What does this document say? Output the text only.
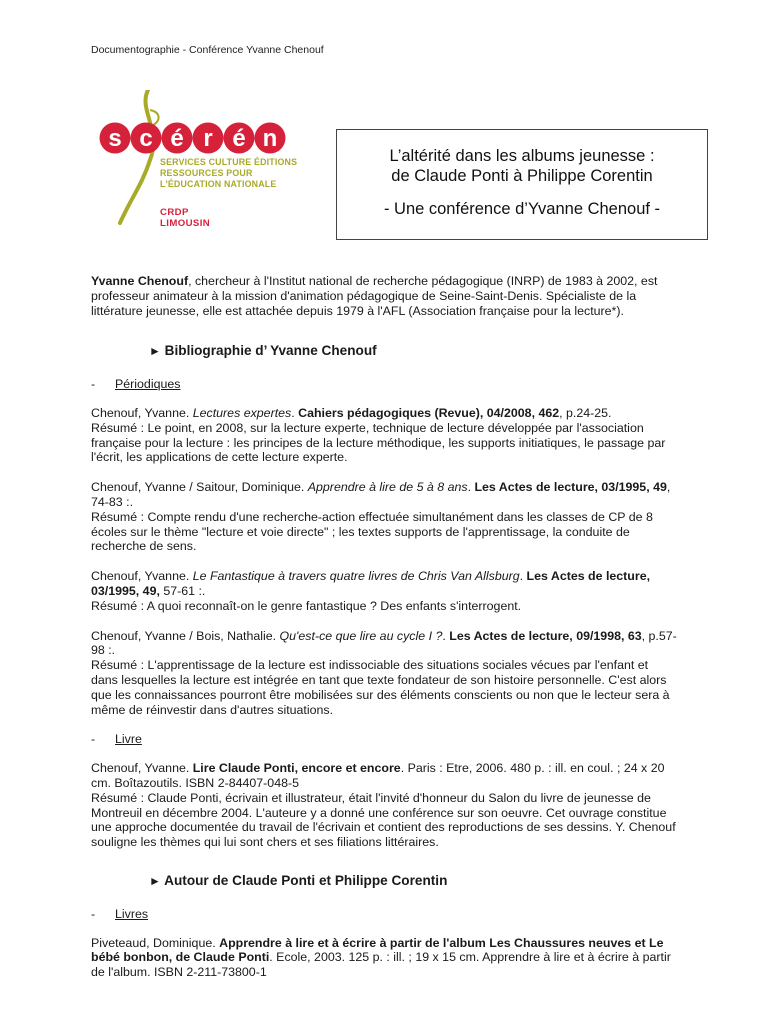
Documentographie - Conférence Yvanne Chenouf
s c é r é n
SERVICES CULTURE ÉDITIONS
RESSOURCES POUR
L'ÉDUCATION NATIONALE
CRDP
LIMOUSIN
L’altérité dans les albums jeunesse :
de Claude Ponti à Philippe Corentin
- Une conférence d’Yvanne Chenouf -

Yvanne Chenouf, chercheur à l'Institut national de recherche pédagogique (INRP) de 1983 à 2002, est professeur animateur à la mission d'animation pédagogique de Seine-Saint-Denis. Spécialiste de la littérature jeunesse, elle est attachée depuis 1979 à l'AFL (Association française pour la lecture*).

► Bibliographie d’ Yvanne Chenouf
- Périodiques

Chenouf, Yvanne. Lectures expertes. Cahiers pédagogiques (Revue), 04/2008, 462, p.24-25.

Résumé : Le point, en 2008, sur la lecture experte, technique de lecture développée par l'association française pour la lecture : les principes de la lecture méthodique, les supports initiatiques, le passage par l'écrit, les applications de cette lecture experte.

Chenouf, Yvanne / Saitour, Dominique. Apprendre à lire de 5 à 8 ans. Les Actes de lecture, 03/1995, 49, 74-83 :.

Résumé : Compte rendu d'une recherche-action effectuée simultanément dans les classes de CP de 8 écoles sur le thème "lecture et voie directe" ; les textes supports de l'apprentissage, la conduite de recherche de sens.

Chenouf, Yvanne. Le Fantastique à travers quatre livres de Chris Van Allsburg. Les Actes de lecture, 03/1995, 49, 57-61 :.

Résumé : A quoi reconnaît-on le genre fantastique ? Des enfants s'interrogent.

Chenouf, Yvanne / Bois, Nathalie. Qu'est-ce que lire au cycle I ?. Les Actes de lecture, 09/1998, 63, p.57-98 :.

Résumé : L'apprentissage de la lecture est indissociable des situations sociales vécues par l'enfant et dans lesquelles la lecture est intégrée en tant que texte fondateur de son histoire personnelle. C'est alors que les connaissances pourront être mobilisées sur des éléments conscients ou non que le lecteur sera à même de réinvestir dans d'autres situations.

- Livre

Chenouf, Yvanne. Lire Claude Ponti, encore et encore. Paris : Etre, 2006. 480 p. : ill. en coul. ; 24 x 20 cm. Boîtazoutils. ISBN 2-84407-048-5

Résumé : Claude Ponti, écrivain et illustrateur, était l'invité d'honneur du Salon du livre de jeunesse de Montreuil en décembre 2004. L'auteure y a donné une conférence sur son oeuvre. Cet ouvrage constitue une approche documentée du travail de l'écrivain et contient des reproductions de ses dessins. Y. Chenouf souligne les thèmes qui lui sont chers et ses filiations littéraires.

► Autour de Claude Ponti et Philippe Corentin
- Livres

Piveteaud, Dominique. Apprendre à lire et à écrire à partir de l'album Les Chaussures neuves et Le bébé bonbon, de Claude Ponti. Ecole, 2003. 125 p. : ill. ; 19 x 15 cm. Apprendre à lire et à écrire à partir de l'album. ISBN 2-211-73800-1
